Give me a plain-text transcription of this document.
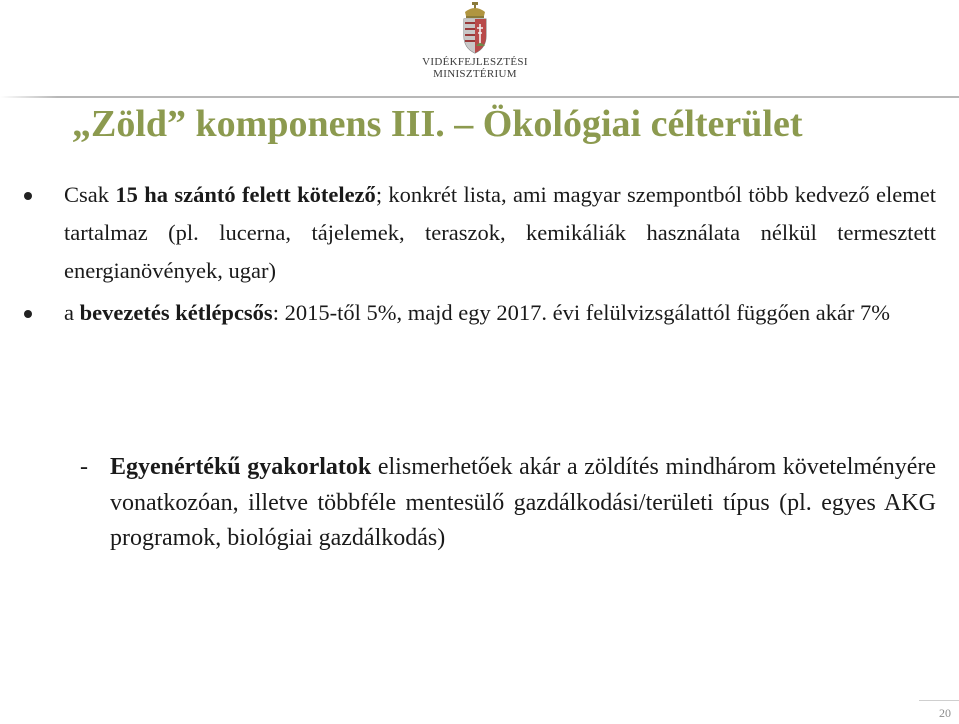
VIDÉKFEJLESZTÉSI
MINISZTÉRIUM
„Zöld” komponens III. – Ökológiai célterület
Csak 15 ha szántó felett kötelező; konkrét lista, ami magyar szempontból több kedvező elemet tartalmaz (pl. lucerna, tájelemek, teraszok, kemikáliák használata nélkül termesztett energianövények, ugar)
a bevezetés kétlépcsős: 2015-től 5%, majd egy 2017. évi felülvizsgálattól függően akár 7%
- Egyenértékű gyakorlatok elismerhetőek akár a zöldítés mindhárom követelményére vonatkozóan, illetve többféle mentesülő gazdálkodási/területi típus (pl. egyes AKG programok, biológiai gazdálkodás)
20
